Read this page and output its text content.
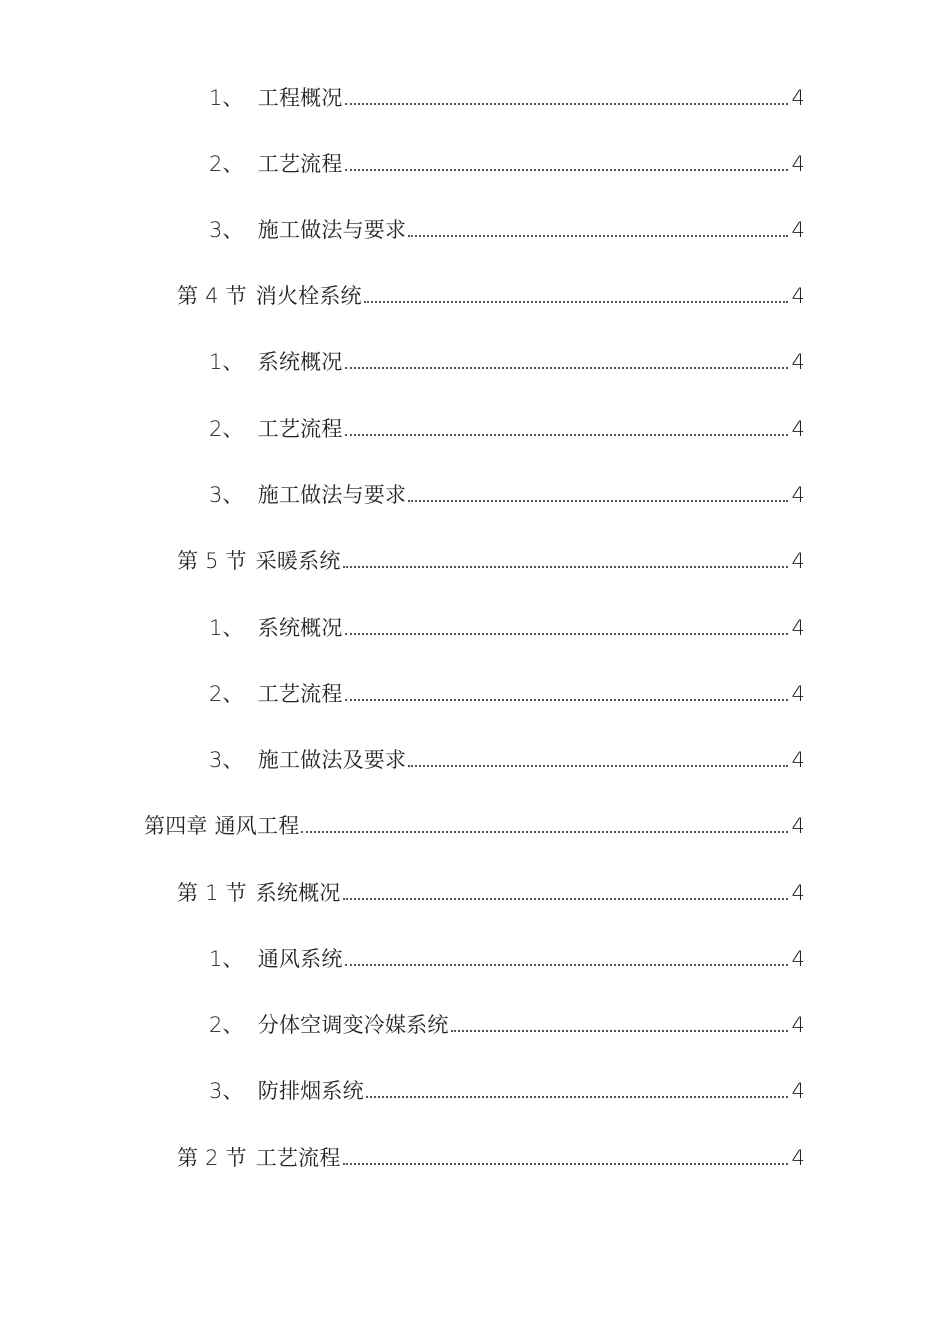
1、 工程概况	4
2、 工艺流程	4
3、 施工做法与要求	4
第 4 节 消火栓系统	4
1、 系统概况	4
2、 工艺流程	4
3、 施工做法与要求	4
第 5 节 采暖系统	4
1、 系统概况	4
2、 工艺流程	4
3、 施工做法及要求	4
第四章 通风工程	4
第 1 节 系统概况	4
1、 通风系统	4
2、 分体空调变冷媒系统	4
3、 防排烟系统	4
第 2 节 工艺流程	4
